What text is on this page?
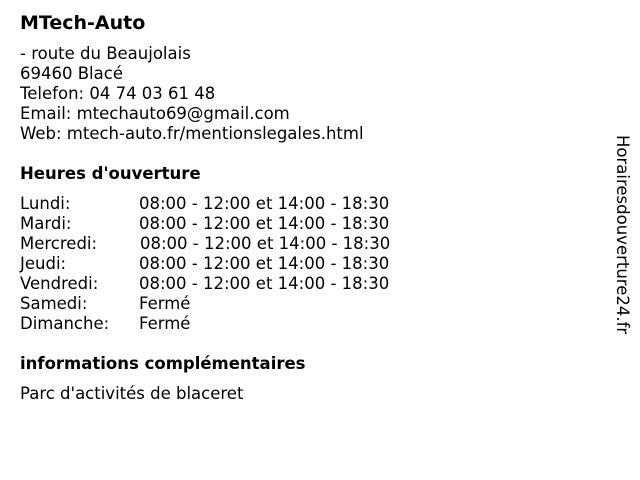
MTech-Auto
- route du Beaujolais
69460 Blacé
Telefon: 04 74 03 61 48
Email: mtechauto69@gmail.com
Web: mtech-auto.fr/mentionslegales.html
Heures d'ouverture
Lundi:	08:00 - 12:00 et 14:00 - 18:30
Mardi:	08:00 - 12:00 et 14:00 - 18:30
Mercredi:	08:00 - 12:00 et 14:00 - 18:30
Jeudi:	08:00 - 12:00 et 14:00 - 18:30
Vendredi: 08:00 - 12:00 et 14:00 - 18:30
Samedi:	Fermé
Dimanche: Fermé
informations complémentaires
Parc d'activités de blaceret
Horairesdouverture24.fr
